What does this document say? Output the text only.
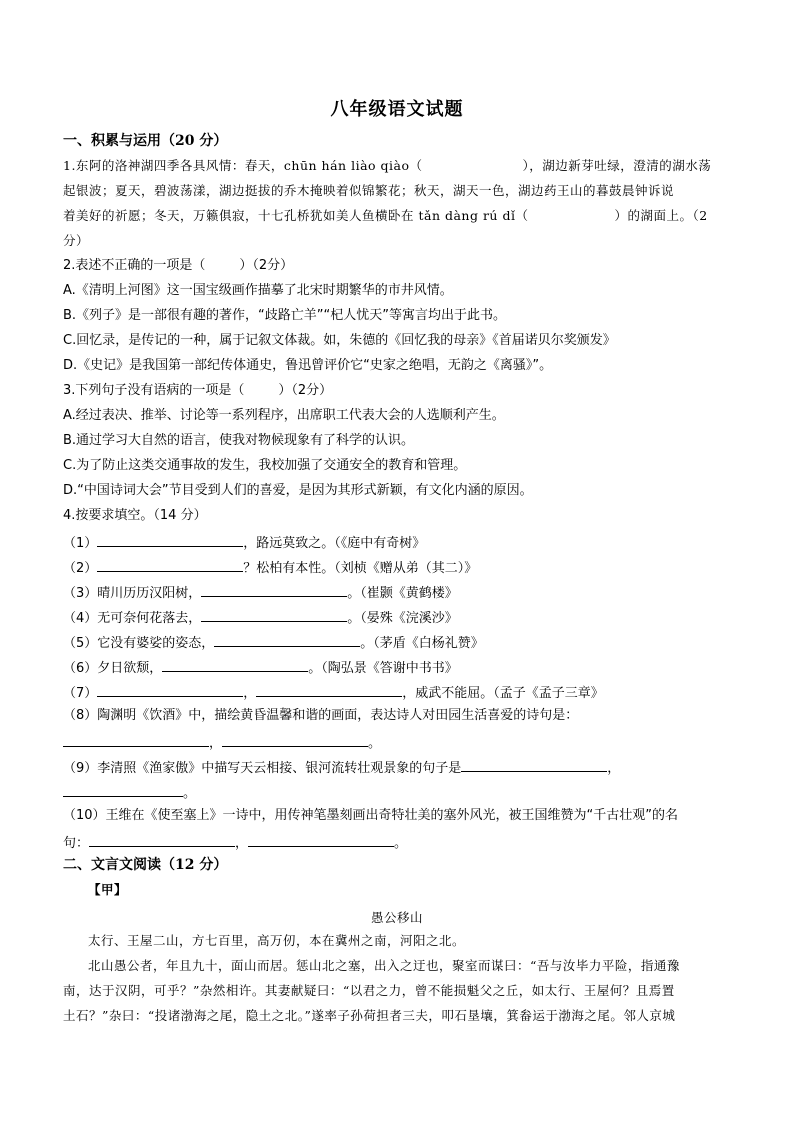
八年级语文试题
一、积累与运用（20 分）
1.东阿的洛神湖四季各具风情：春天，chūn hán liào qiào（	），湖边新芽吐绿，澄清的湖水荡
起银波；夏天，碧波荡漾，湖边挺拔的乔木掩映着似锦繁花；秋天，湖天一色，湖边药王山的暮鼓晨钟诉说
着美好的祈愿；冬天，万籁俱寂，十七孔桥犹如美人鱼横卧在 tǎn dàng rú dǐ（	）的湖面上。（2
分）
2.表述不正确的一项是（	）（2分）
A.《清明上河图》这一国宝级画作描摹了北宋时期繁华的市井风情。
B.《列子》是一部很有趣的著作，“歧路亡羊”“杞人忧天”等寓言均出于此书。
C.回忆录，是传记的一种，属于记叙文体裁。如，朱德的《回忆我的母亲》《首届诺贝尔奖颁发》
D.《史记》是我国第一部纪传体通史，鲁迅曾评价它“史家之绝唱，无韵之《离骚》”。
3.下列句子没有语病的一项是（	）（2分）
A.经过表决、推举、讨论等一系列程序，出席职工代表大会的人选顺利产生。
B.通过学习大自然的语言，使我对物候现象有了科学的认识。
C.为了防止这类交通事故的发生，我校加强了交通安全的教育和管理。
D.“中国诗词大会”节目受到人们的喜爱，是因为其形式新颖，有文化内涵的原因。
4.按要求填空。（14 分）
（1）	，路远莫致之。（《庭中有奇树》
（2）	？松柏有本性。（刘桢《赠从弟（其二）》
（3）晴川历历汉阳树，	。（崔颢《黄鹤楼》
（4）无可奈何花落去，	。（晏殊《浣溪沙》
（5）它没有婆娑的姿态，	。（茅盾《白杨礼赞》
（6）夕日欲颓，	。（陶弘景《答谢中书书》
（7）	，	，威武不能屈。（孟子《孟子三章》
（8）陶渊明《饮酒》中，描绘黄昏温馨和谐的画面，表达诗人对田园生活喜爱的诗句是：
，	。
（9）李清照《渔家傲》中描写天云相接、银河流转壮观景象的句子是	，
。
（10）王维在《使至塞上》一诗中，用传神笔墨刻画出奇特壮美的塞外风光，被王国维赞为“千古壮观”的名
句：	，	。
二、文言文阅读（12 分）
【甲】
愚公移山
太行、王屋二山，方七百里，高万仞，本在冀州之南，河阳之北。
北山愚公者，年且九十，面山而居。惩山北之塞，出入之迂也，聚室而谋曰：“吾与汝毕力平险，指通豫
南，达于汉阴，可乎？”杂然相许。其妻献疑曰：“以君之力，曾不能损魁父之丘，如太行、王屋何？且焉置
土石？”杂曰：“投诸渤海之尾，隐土之北。”遂率子孙荷担者三夫，叩石垦壤，箕畚运于渤海之尾。邻人京城
